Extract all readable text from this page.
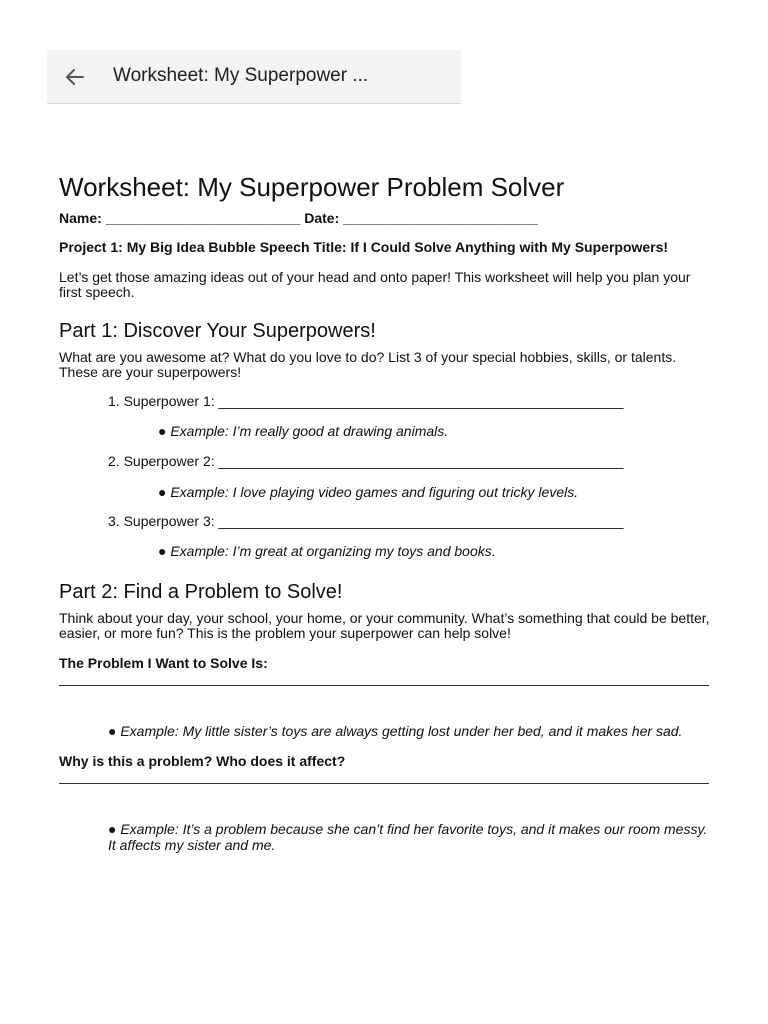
Worksheet: My Superpower ...
Worksheet: My Superpower Problem Solver
Name: _________________________ Date: _________________________
Project 1: My Big Idea Bubble Speech Title: If I Could Solve Anything with My Superpowers!
Let’s get those amazing ideas out of your head and onto paper! This worksheet will help you plan your first speech.
Part 1: Discover Your Superpowers!
What are you awesome at? What do you love to do? List 3 of your special hobbies, skills, or talents. These are your superpowers!
1. Superpower 1: ____________________________________________________
● Example: I’m really good at drawing animals.
2. Superpower 2: ____________________________________________________
● Example: I love playing video games and figuring out tricky levels.
3. Superpower 3: ____________________________________________________
● Example: I’m great at organizing my toys and books.
Part 2: Find a Problem to Solve!
Think about your day, your school, your home, or your community. What’s something that could be better, easier, or more fun? This is the problem your superpower can help solve!
The Problem I Want to Solve Is:
● Example: My little sister’s toys are always getting lost under her bed, and it makes her sad.
Why is this a problem? Who does it affect?
● Example: It’s a problem because she can’t find her favorite toys, and it makes our room messy. It affects my sister and me.
